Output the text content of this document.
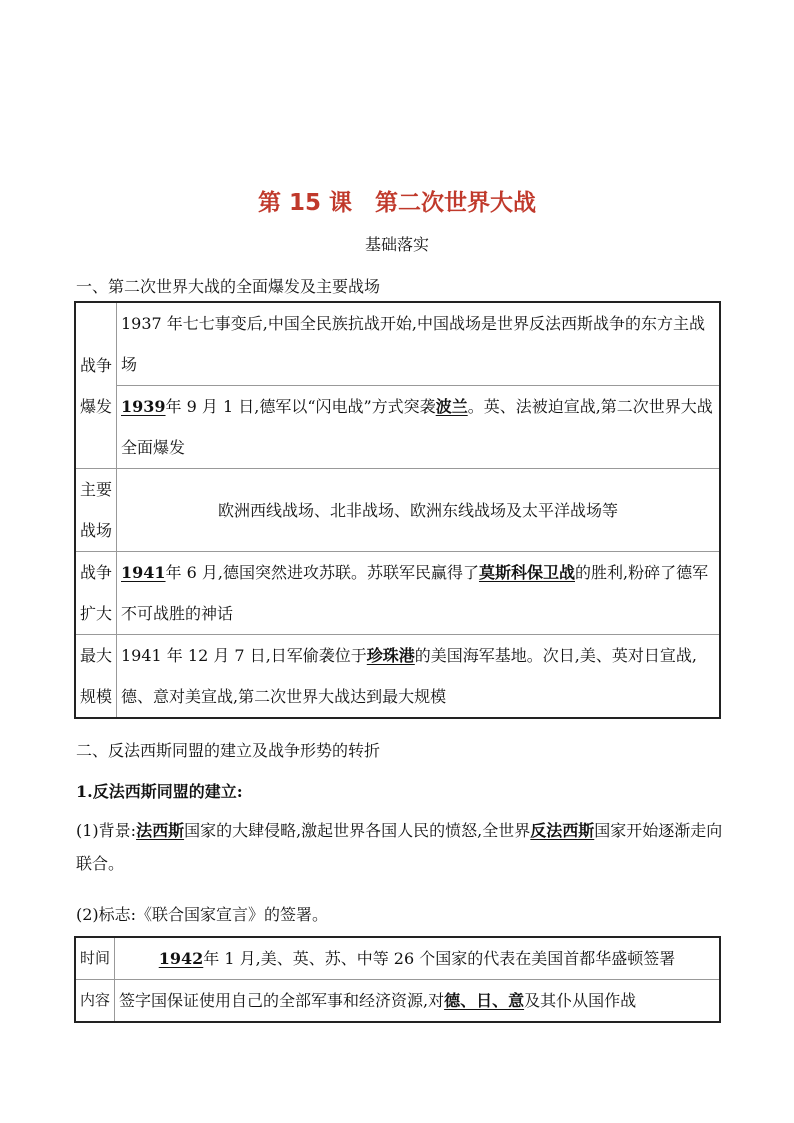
第 15 课　第二次世界大战
基础落实
一、第二次世界大战的全面爆发及主要战场
战争
爆发	1937 年七七事变后,中国全民族抗战开始,中国战场是世界反法西斯战争的东方主战场
	1939年 9 月 1 日,德军以“闪电战”方式突袭波兰。英、法被迫宣战,第二次世界大战全面爆发
主要
战场	欧洲西线战场、北非战场、欧洲东线战场及太平洋战场等
战争
扩大	1941年 6 月,德国突然进攻苏联。苏联军民赢得了莫斯科保卫战的胜利,粉碎了德军不可战胜的神话
最大
规模	1941 年 12 月 7 日,日军偷袭位于珍珠港的美国海军基地。次日,美、英对日宣战,德、意对美宣战,第二次世界大战达到最大规模
二、反法西斯同盟的建立及战争形势的转折
1.反法西斯同盟的建立:
(1)背景:法西斯国家的大肆侵略,激起世界各国人民的愤怒,全世界反法西斯国家开始逐渐走向联合。
(2)标志:《联合国家宣言》的签署。
时间	1942年 1 月,美、英、苏、中等 26 个国家的代表在美国首都华盛顿签署
内容	签字国保证使用自己的全部军事和经济资源,对德、日、意及其仆从国作战
